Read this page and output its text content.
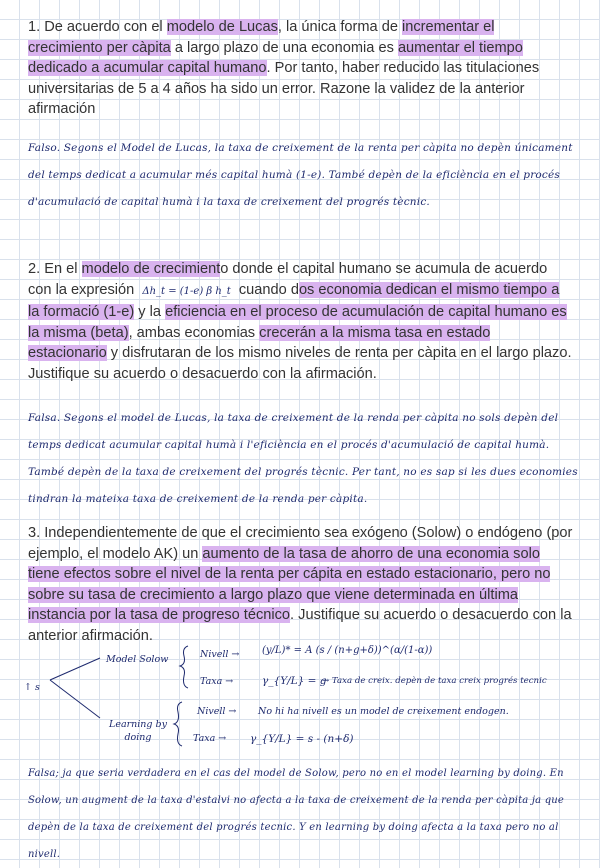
1. De acuerdo con el modelo de Lucas, la única forma de incrementar el crecimiento per càpita a largo plazo de una economia es aumentar el tiempo dedicado a acumular capital humano. Por tanto, haber reducido las titulaciones universitarias de 5 a 4 años ha sido un error. Razone la validez de la anterior afirmación
Falso. Segons el Model de Lucas, la taxa de creixement de la renta per càpita no depèn únicament del temps dedicat a acumular més capital humà (1-e). També depèn de la eficiència en el procés d'acumulació de capital humà i la taxa de creixement del progrés tècnic.
2. En el modelo de crecimiento donde el capital humano se acumula de acuerdo con la expresión Δh_t = (1-e) β h_t cuando dos economia dedican el mismo tiempo a la formació (1-e) y la eficiencia en el proceso de acumulación de capital humano es la misma (beta), ambas economias crecerán a la misma tasa en estado estacionario y disfrutaran de los mismo niveles de renta per càpita en el largo plazo. Justifique su acuerdo o desacuerdo con la afirmación.
Falsa. Segons el model de Lucas, la taxa de creixement de la renda per càpita no sols depèn del temps dedicat acumular capital humà i l'eficiència en el procés d'acumulació de capital humà. També depèn de la taxa de creixement del progrés tècnic. Per tant, no es sap si les dues economies tindran la mateixa taxa de creixement de la renda per càpita.
3. Independientemente de que el crecimiento sea exógeno (Solow) o endógeno (por ejemplo, el modelo AK) un aumento de la tasa de ahorro de una economia solo tiene efectos sobre el nivel de la renta per cápita en estado estacionario, pero no sobre su tasa de crecimiento a largo plazo que viene determinada en última instancia por la tasa de progreso técnico. Justifique su acuerdo o desacuerdo con la anterior afirmación.
↑ s
Model Solow	Nivell → (y/L)* = A (s / (n+g+δ))^(α/(1-α))
Taxa →	γ_{Y/L} = g
→ Taxa de creix. depèn de taxa creix progrés tecnic
Learning by doing
Nivell → No hi ha nivell es un model de creixement endogen.
Taxa → γ_{Y/L} = s - (n+δ)
Falsa; ja que seria verdadera en el cas del model de Solow, pero no en el model learning by doing. En Solow, un augment de la taxa d'estalvi no afecta a la taxa de creixement de la renda per càpita ja que depèn de la taxa de creixement del progrés tecnic. Y en learning by doing afecta a la taxa pero no al nivell.
